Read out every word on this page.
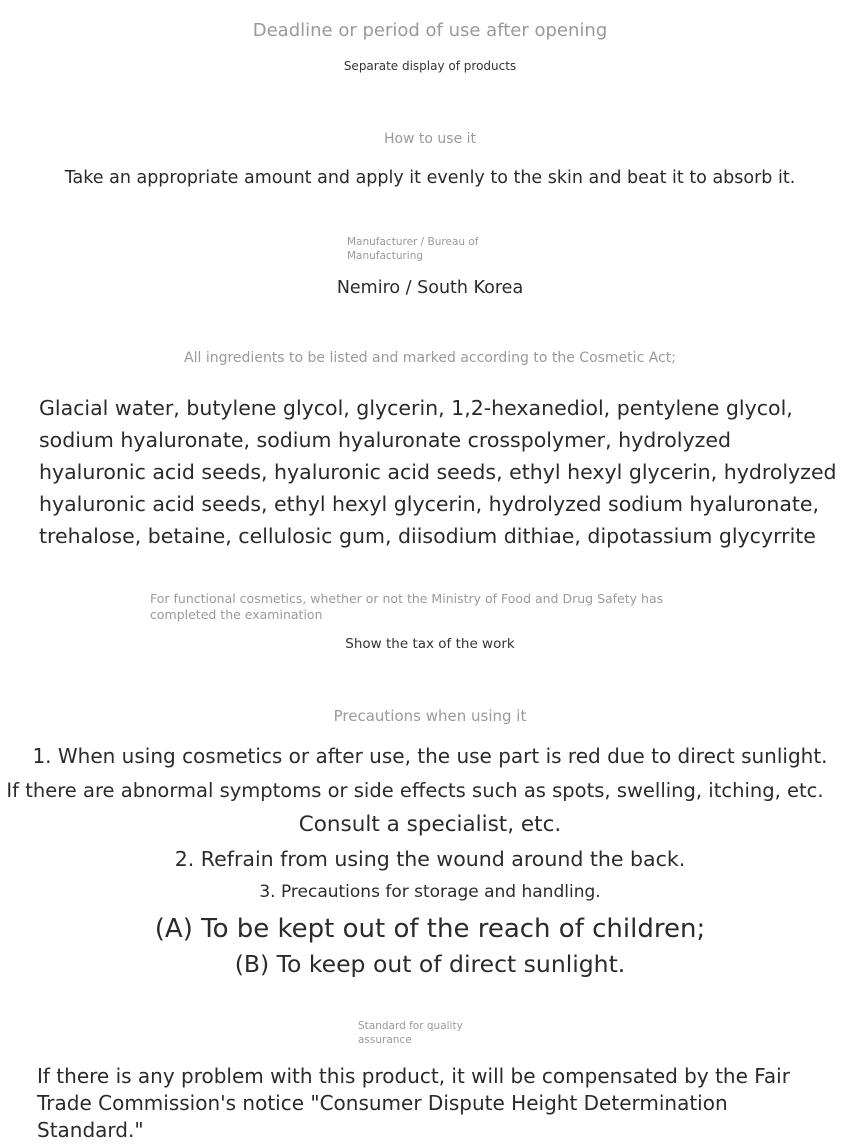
Deadline or period of use after opening

Separate display of products

How to use it

Take an appropriate amount and apply it evenly to the skin and beat it to absorb it.

Manufacturer / Bureau of Manufacturing

Nemiro / South Korea

All ingredients to be listed and marked according to the Cosmetic Act;

Glacial water, butylene glycol, glycerin, 1,2-hexanediol, pentylene glycol, sodium hyaluronate, sodium hyaluronate crosspolymer, hydrolyzed hyaluronic acid seeds, hyaluronic acid seeds, ethyl hexyl glycerin, hydrolyzed hyaluronic acid seeds, ethyl hexyl glycerin, hydrolyzed sodium hyaluronate, trehalose, betaine, cellulosic gum, diisodium dithiae, dipotassium glycyrrite

For functional cosmetics, whether or not the Ministry of Food and Drug Safety has completed the examination

Show the tax of the work

Precautions when using it

1. When using cosmetics or after use, the use part is red due to direct sunlight.

If there are abnormal symptoms or side effects such as spots, swelling, itching, etc.

Consult a specialist, etc.

2. Refrain from using the wound around the back.

3. Precautions for storage and handling.

(A) To be kept out of the reach of children;

(B) To keep out of direct sunlight.

Standard for quality assurance

If there is any problem with this product, it will be compensated by the Fair Trade Commission's notice "Consumer Dispute Height Determination Standard."
